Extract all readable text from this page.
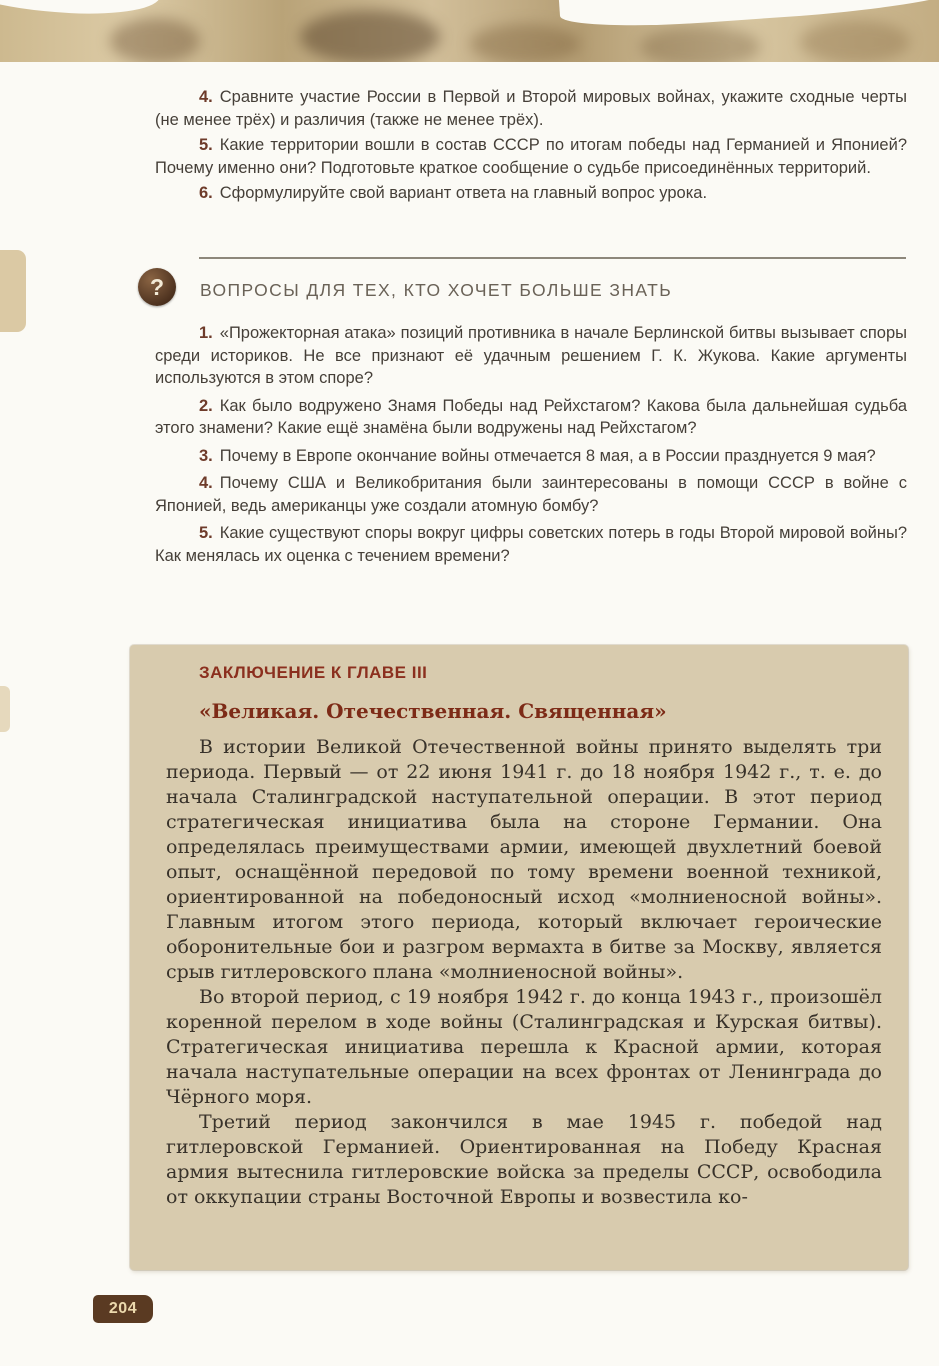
4. Сравните участие России в Первой и Второй мировых войнах, укажите сходные черты (не менее трёх) и различия (также не менее трёх).

5. Какие территории вошли в состав СССР по итогам победы над Германией и Японией? Почему именно они? Подготовьте краткое сообщение о судьбе присоединённых территорий.

6. Сформулируйте свой вариант ответа на главный вопрос урока.

? ВОПРОСЫ ДЛЯ ТЕХ, КТО ХОЧЕТ БОЛЬШЕ ЗНАТЬ

1. «Прожекторная атака» позиций противника в начале Берлинской битвы вызывает споры среди историков. Не все признают её удачным решением Г. К. Жукова. Какие аргументы используются в этом споре?

2. Как было водружено Знамя Победы над Рейхстагом? Какова была дальнейшая судьба этого знамени? Какие ещё знамёна были водружены над Рейхстагом?

3. Почему в Европе окончание войны отмечается 8 мая, а в России празднуется 9 мая?

4. Почему США и Великобритания были заинтересованы в помощи СССР в войне с Японией, ведь американцы уже создали атомную бомбу?

5. Какие существуют споры вокруг цифры советских потерь в годы Второй мировой войны? Как менялась их оценка с течением времени?

ЗАКЛЮЧЕНИЕ К ГЛАВЕ III
«Великая. Отечественная. Священная»

В истории Великой Отечественной войны принято выделять три периода. Первый — от 22 июня 1941 г. до 18 ноября 1942 г., т. е. до начала Сталинградской наступательной операции. В этот период стратегическая инициатива была на стороне Германии. Она определялась преимуществами армии, имеющей двухлетний боевой опыт, оснащённой передовой по тому времени военной техникой, ориентированной на победоносный исход «молниеносной войны». Главным итогом этого периода, который включает героические оборонительные бои и разгром вермахта в битве за Москву, является срыв гитлеровского плана «молниеносной войны».

Во второй период, с 19 ноября 1942 г. до конца 1943 г., произошёл коренной перелом в ходе войны (Сталинградская и Курская битвы). Стратегическая инициатива перешла к Красной армии, которая начала наступательные операции на всех фронтах от Ленинграда до Чёрного моря.

Третий период закончился в мае 1945 г. победой над гитлеровской Германией. Ориентированная на Победу Красная армия вытеснила гитлеровские войска за пределы СССР, освободила от оккупации страны Восточной Европы и возвестила ко-

204
